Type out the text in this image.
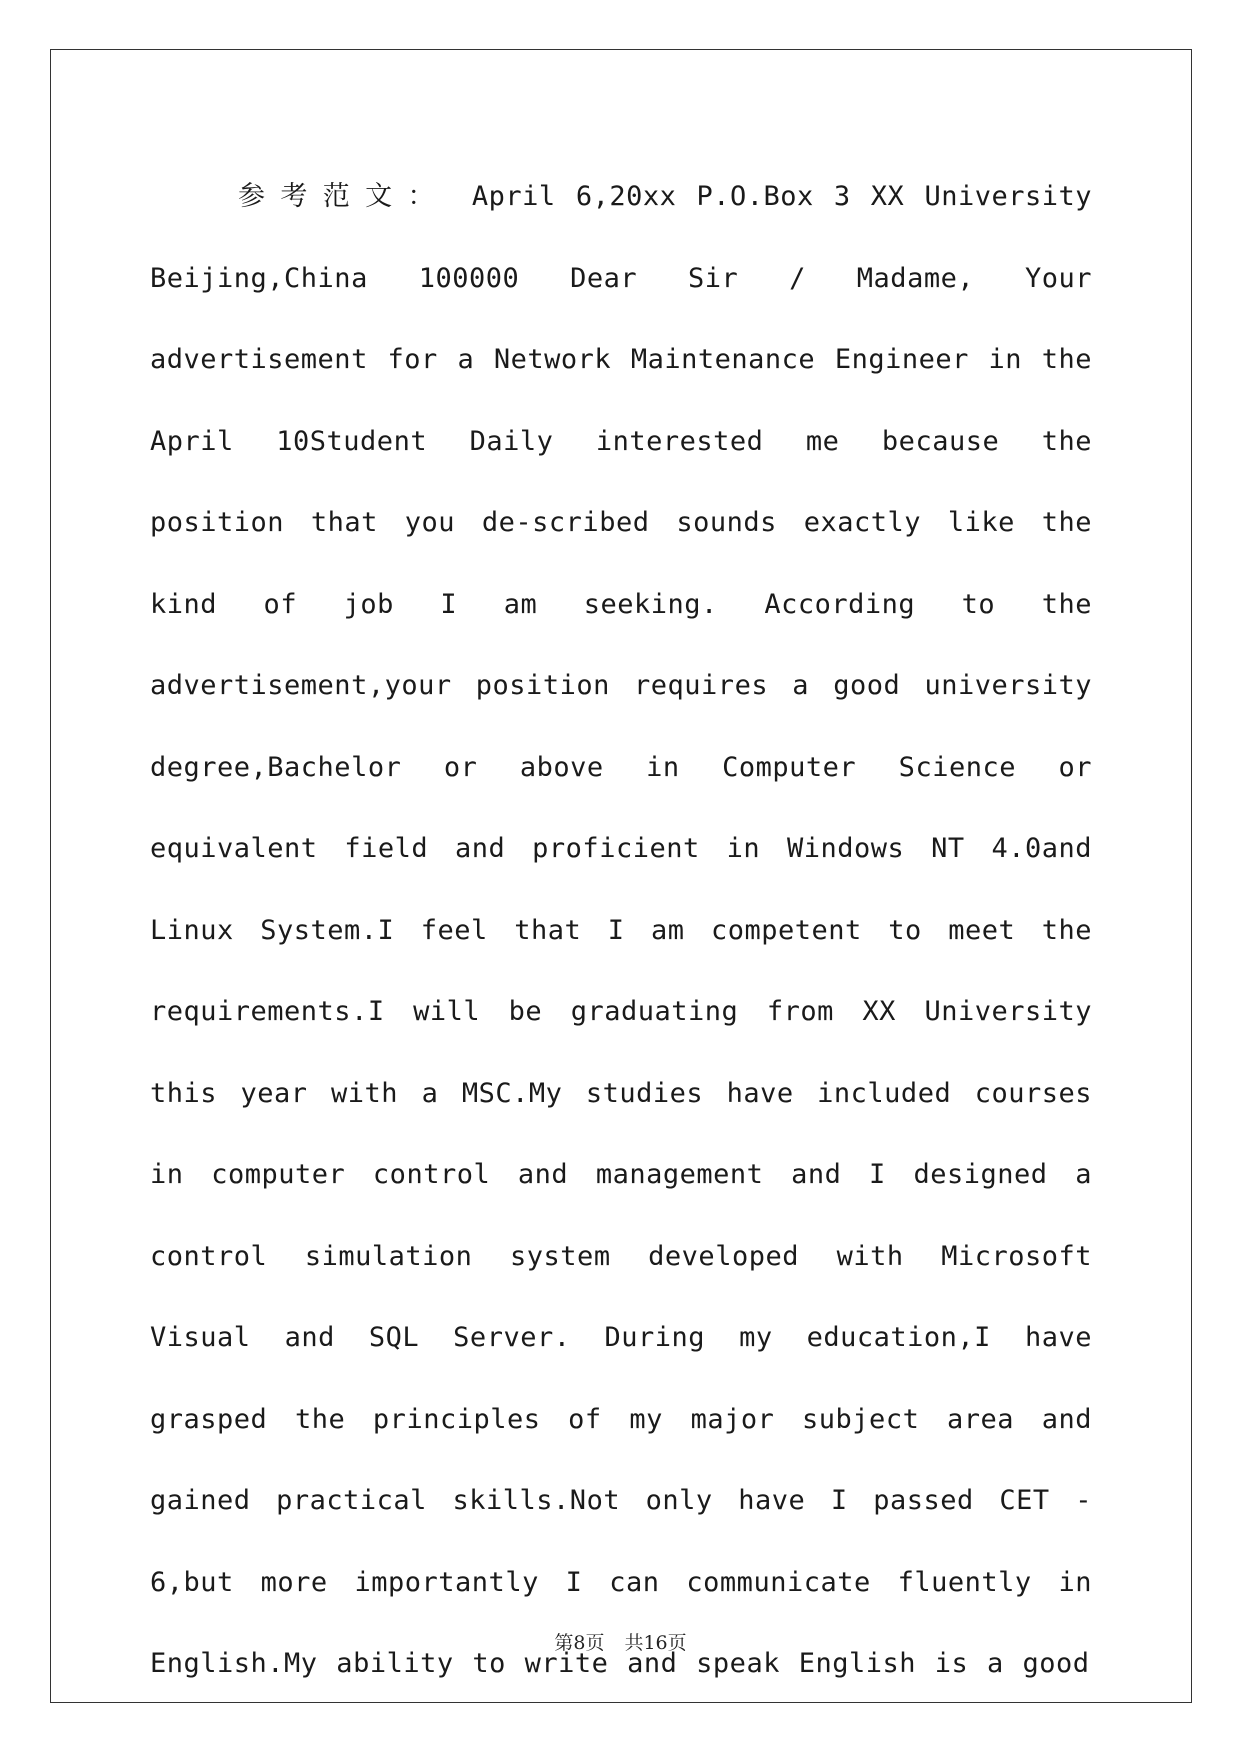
参考范文： April 6,20xx P.O.Box 3 XX University Beijing,China 100000 Dear Sir / Madame, Your advertisement for a Network Maintenance Engineer in the April 10Student Daily interested me because the position that you de-scribed sounds exactly like the kind of job I am seeking. According to the advertisement,your position requires a good university degree,Bachelor or above in Computer Science or equivalent field and proficient in Windows NT 4.0and Linux System.I feel that I am competent to meet the requirements.I will be graduating from XX University this year with a MSC.My studies have included courses in computer control and management and I designed a control simulation system developed with Microsoft Visual and SQL Server. During my education,I have grasped the principles of my major subject area and gained practical skills.Not only have I passed CET - 6,but more importantly I can communicate fluently in English.My ability to write and speak English is a good

第8页 共16页
